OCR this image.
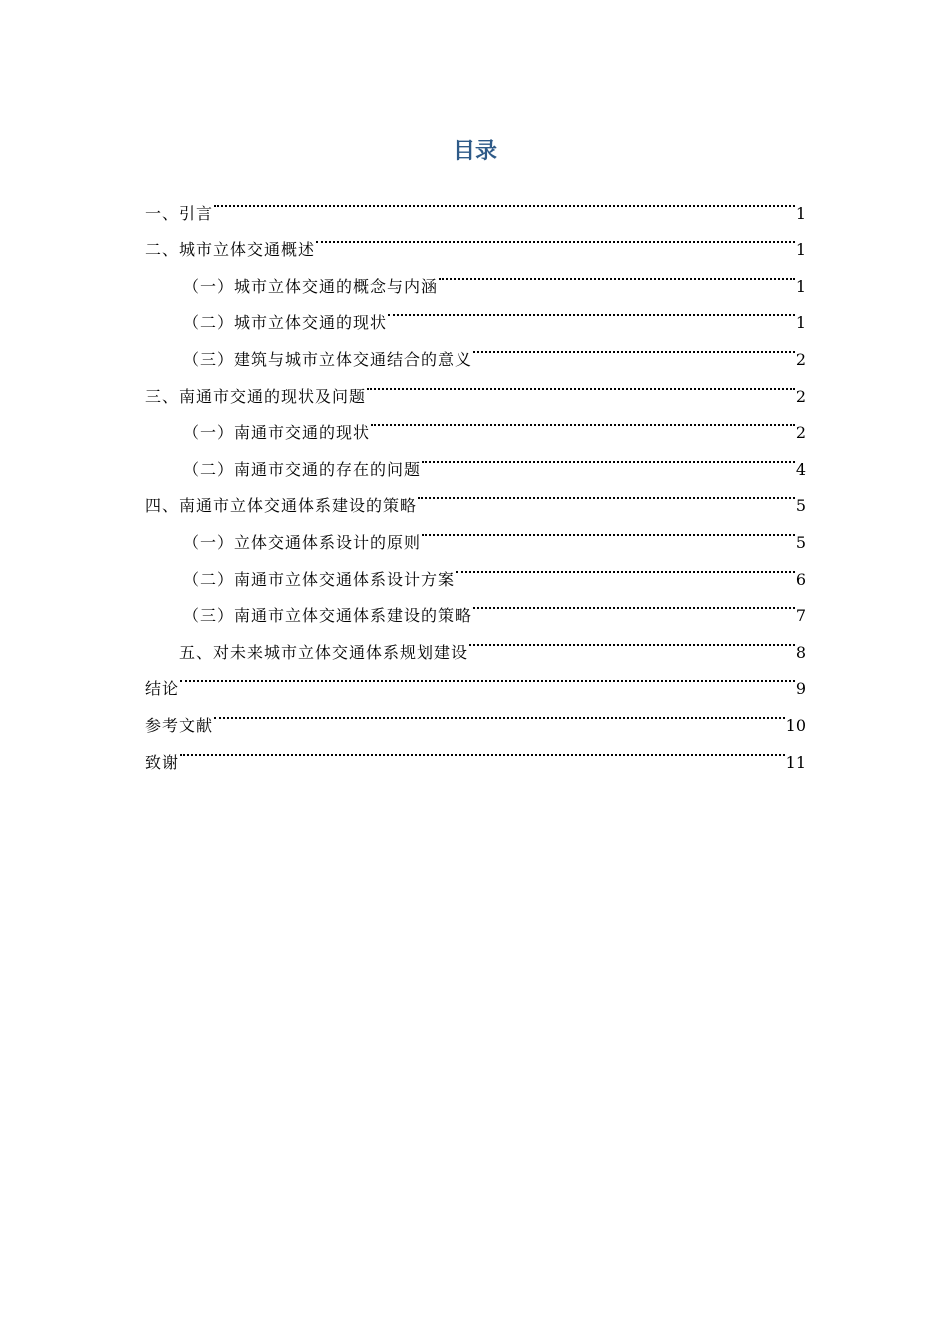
目录
一、引言	1
二、城市立体交通概述	1
（一）城市立体交通的概念与内涵	1
（二）城市立体交通的现状	1
（三）建筑与城市立体交通结合的意义	2
三、南通市交通的现状及问题	2
（一）南通市交通的现状	2
（二）南通市交通的存在的问题	4
四、南通市立体交通体系建设的策略	5
（一）立体交通体系设计的原则	5
（二）南通市立体交通体系设计方案	6
（三）南通市立体交通体系建设的策略	7
五、对未来城市立体交通体系规划建设	8
结论	9
参考文献	10
致谢	11
